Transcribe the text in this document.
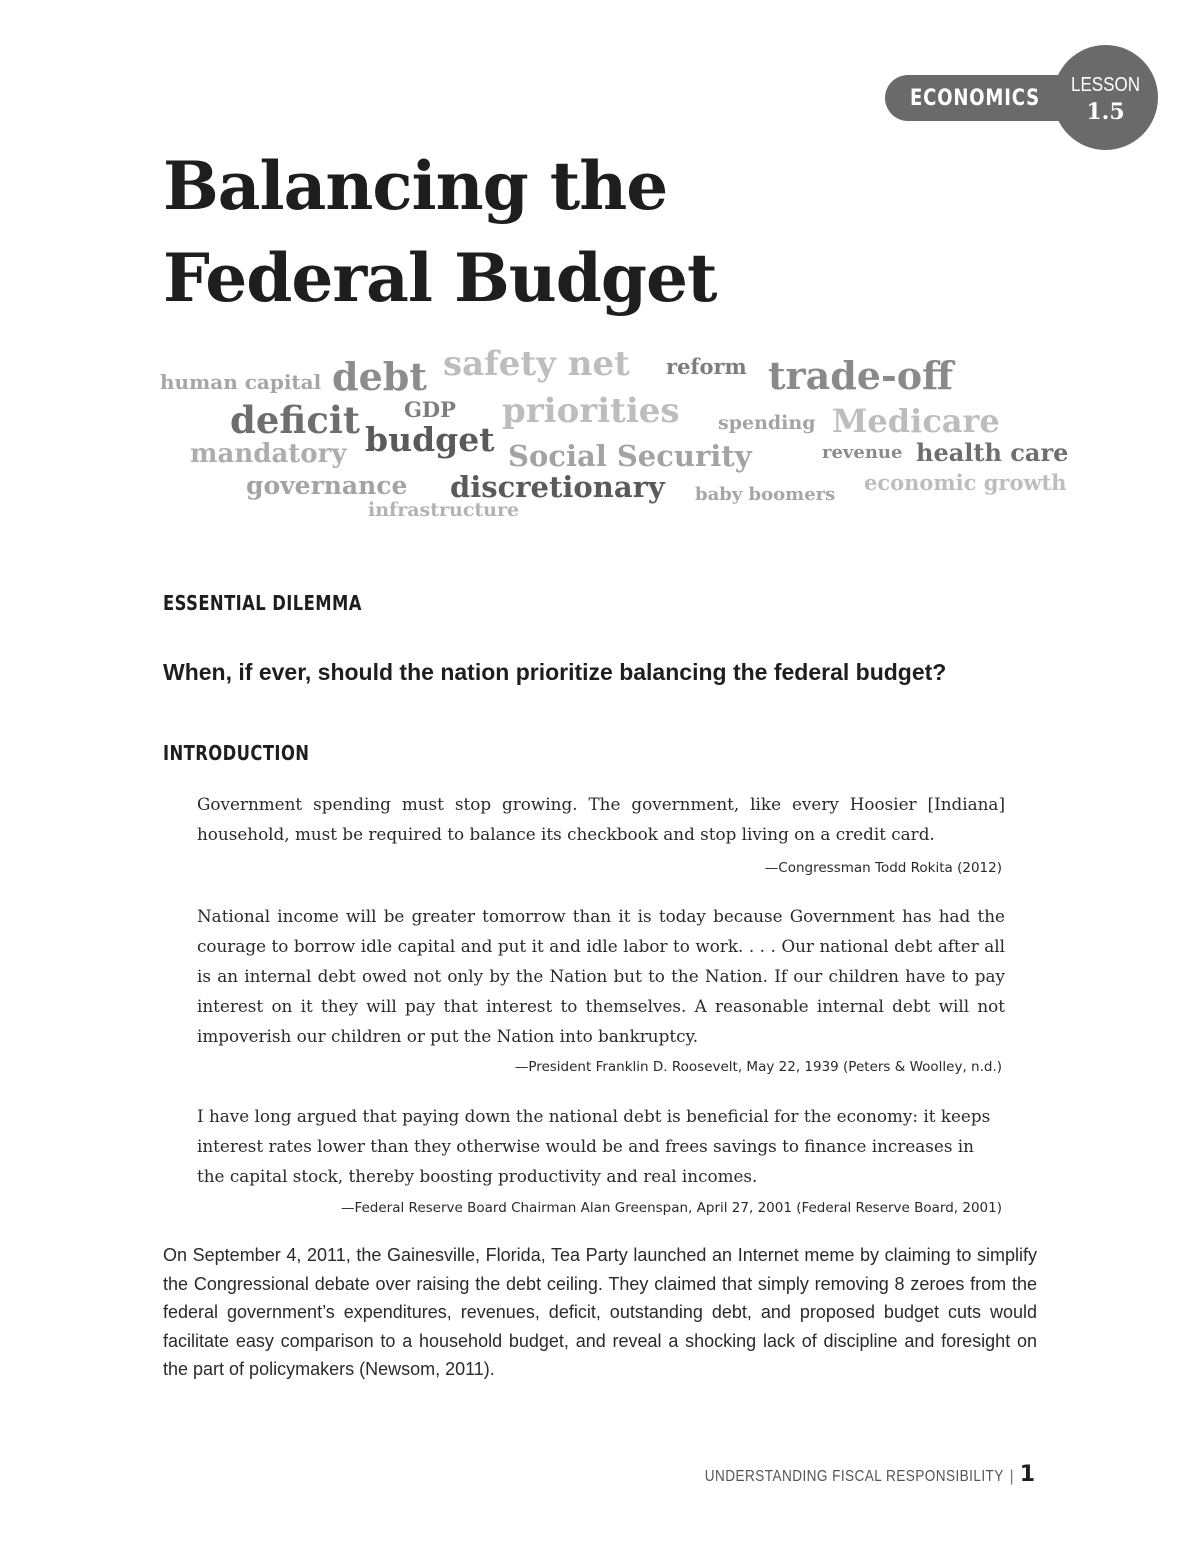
ECONOMICS
LESSON
1.5
Balancing the
Federal Budget
human capital debt safety net reform trade-off
deficit GDP priorities spending Medicare
mandatory budget Social Security	revenue health care
governance discretionary baby boomers economic growth
infrastructure
ESSENTIAL DILEMMA

When, if ever, should the nation prioritize balancing the federal budget?

INTRODUCTION

Government spending must stop growing. The government, like every Hoosier [Indiana] household, must be required to balance its checkbook and stop living on a credit card.

—Congressman Todd Rokita (2012)

National income will be greater tomorrow than it is today because Government has had the courage to borrow idle capital and put it and idle labor to work. . . . Our national debt after all is an internal debt owed not only by the Nation but to the Nation. If our children have to pay interest on it they will pay that interest to themselves. A reasonable internal debt will not impoverish our children or put the Nation into bankruptcy.

—President Franklin D. Roosevelt, May 22, 1939 (Peters & Woolley, n.d.)

I have long argued that paying down the national debt is beneficial for the economy: it keeps interest rates lower than they otherwise would be and frees savings to finance increases in the capital stock, thereby boosting productivity and real incomes.

—Federal Reserve Board Chairman Alan Greenspan, April 27, 2001 (Federal Reserve Board, 2001)

On September 4, 2011, the Gainesville, Florida, Tea Party launched an Internet meme by claiming to simplify the Congressional debate over raising the debt ceiling. They claimed that simply removing 8 zeroes from the federal government’s expenditures, revenues, deficit, outstanding debt, and proposed budget cuts would facilitate easy comparison to a household budget, and reveal a shocking lack of discipline and foresight on the part of policymakers (Newsom, 2011).

UNDERSTANDING FISCAL RESPONSIBILITY | 1
